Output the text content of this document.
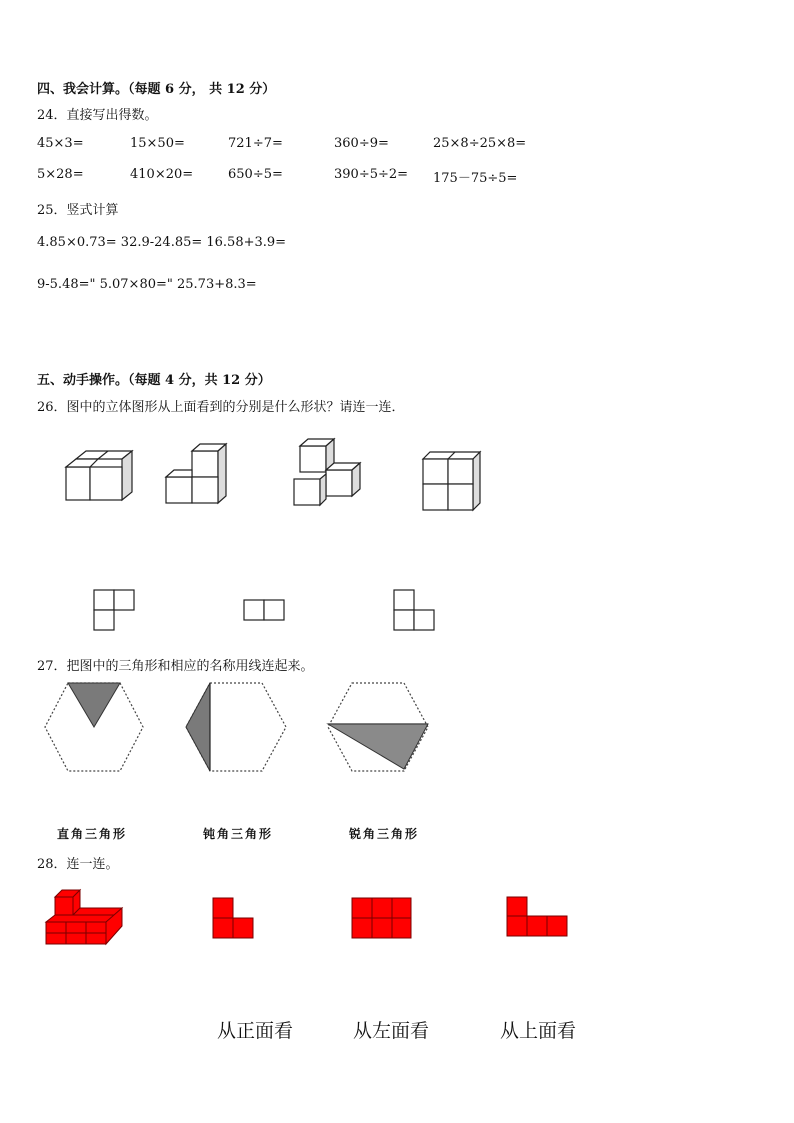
四、我会计算。（每题 6 分， 共 12 分）
24．直接写出得数。
45×3=	15×50=	721÷7=	360÷9=	25×8÷25×8=
5×28=	410×20=	650÷5=	390÷5÷2= 175－75÷5=
25．竖式计算
4.85×0.73= 32.9-24.85= 16.58+3.9=
9-5.48=" 5.07×80=" 25.73+8.3=
五、动手操作。（每题 4 分，共 12 分）
26．图中的立体图形从上面看到的分别是什么形状？请连一连．
27．把图中的三角形和相应的名称用线连起来。
直角三角形	钝角三角形	锐角三角形
28．连一连。
从正面看	从左面看	从上面看
